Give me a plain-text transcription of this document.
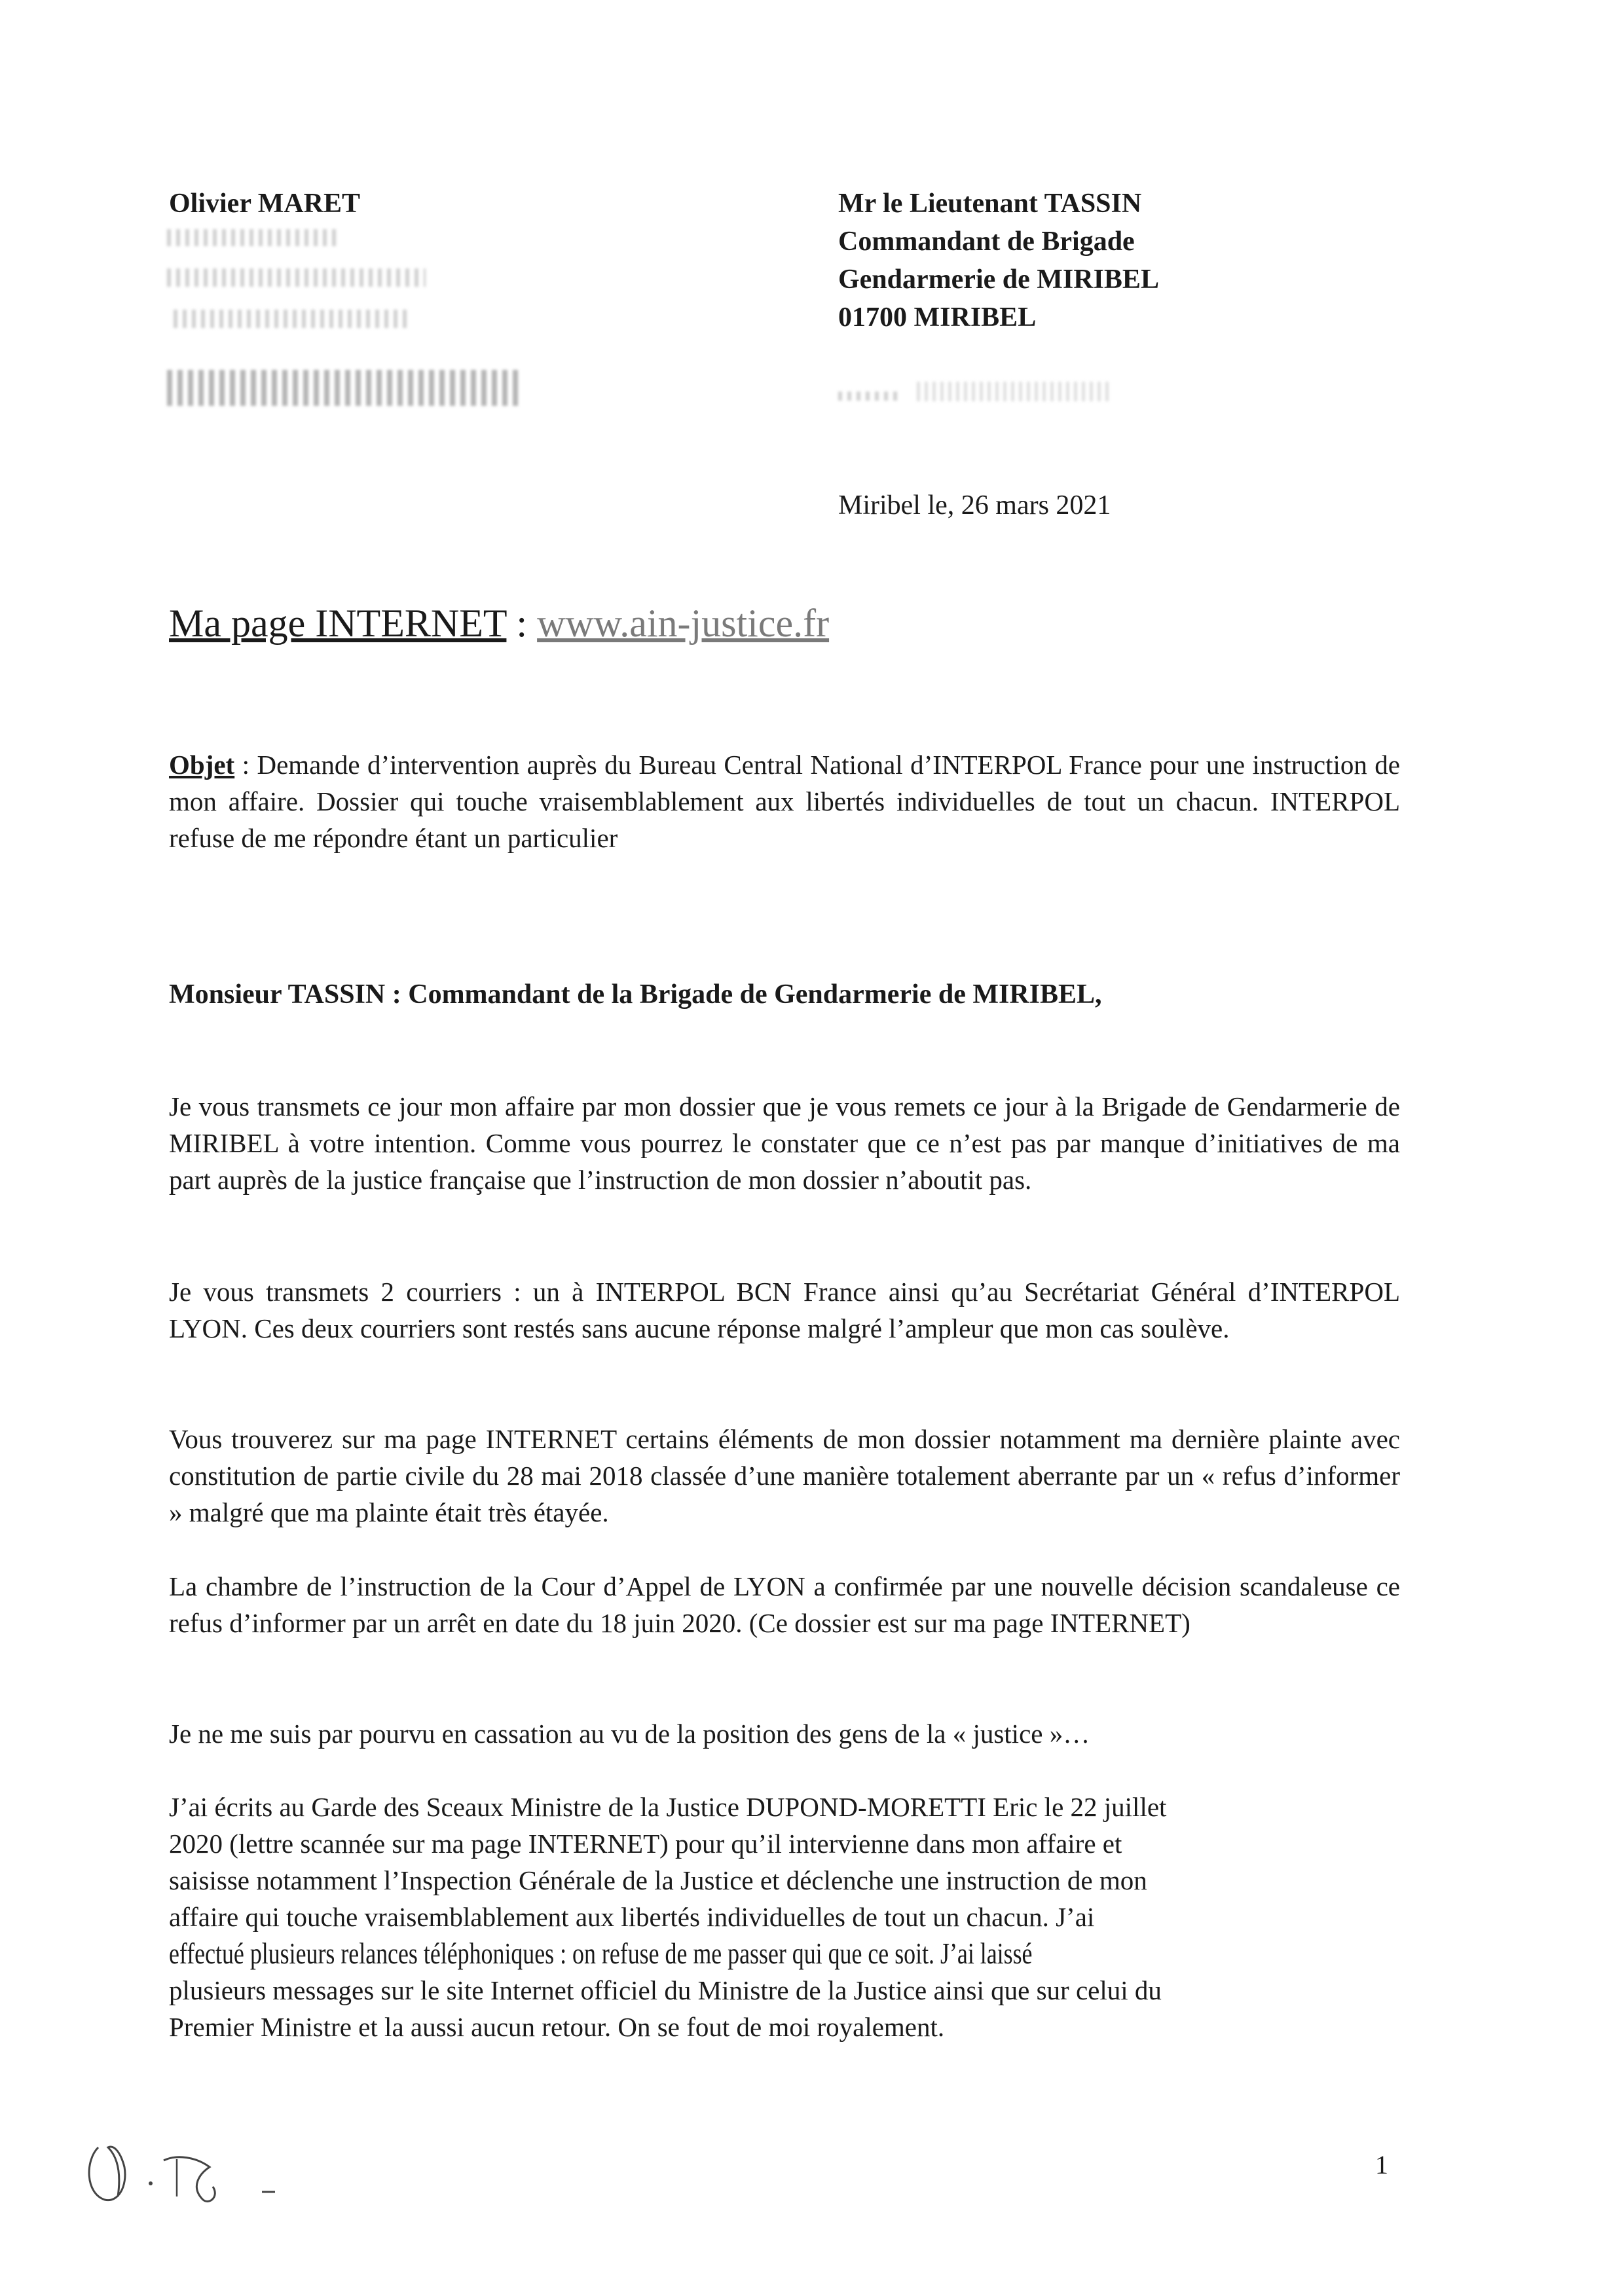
Olivier MARET	Mr le Lieutenant TASSIN
Commandant de Brigade
Gendarmerie de MIRIBEL
01700 MIRIBEL
Miribel le, 26 mars 2021
Ma page INTERNET : www.ain-justice.fr
Objet : Demande d’intervention auprès du Bureau Central National d’INTERPOL France pour une instruction de mon affaire. Dossier qui touche vraisemblablement aux libertés individuelles de tout un chacun. INTERPOL refuse de me répondre étant un particulier
Monsieur TASSIN : Commandant de la Brigade de Gendarmerie de MIRIBEL,
Je vous transmets ce jour mon affaire par mon dossier que je vous remets ce jour à la Brigade de Gendarmerie de MIRIBEL à votre intention. Comme vous pourrez le constater que ce n’est pas par manque d’initiatives de ma part auprès de la justice française que l’instruction de mon dossier n’aboutit pas.
Je vous transmets 2 courriers : un à INTERPOL BCN France ainsi qu’au Secrétariat Général d’INTERPOL LYON. Ces deux courriers sont restés sans aucune réponse malgré l’ampleur que mon cas soulève.
Vous trouverez sur ma page INTERNET certains éléments de mon dossier notamment ma dernière plainte avec constitution de partie civile du 28 mai 2018 classée d’une manière totalement aberrante par un « refus d’informer » malgré que ma plainte était très étayée.
La chambre de l’instruction de la Cour d’Appel de LYON a confirmée par une nouvelle décision scandaleuse ce refus d’informer par un arrêt en date du 18 juin 2020. (Ce dossier est sur ma page INTERNET)
Je ne me suis par pourvu en cassation au vu de la position des gens de la « justice »…
J’ai écrits au Garde des Sceaux Ministre de la Justice DUPOND-MORETTI Eric le 22 juillet
2020 (lettre scannée sur ma page INTERNET) pour qu’il intervienne dans mon affaire et
saisisse notamment l’Inspection Générale de la Justice et déclenche une instruction de mon
affaire qui touche vraisemblablement aux libertés individuelles de tout un chacun. J’ai
effectué plusieurs relances téléphoniques : on refuse de me passer qui que ce soit. J’ai laissé
plusieurs messages sur le site Internet officiel du Ministre de la Justice ainsi que sur celui du
Premier Ministre et la aussi aucun retour. On se fout de moi royalement.
1
